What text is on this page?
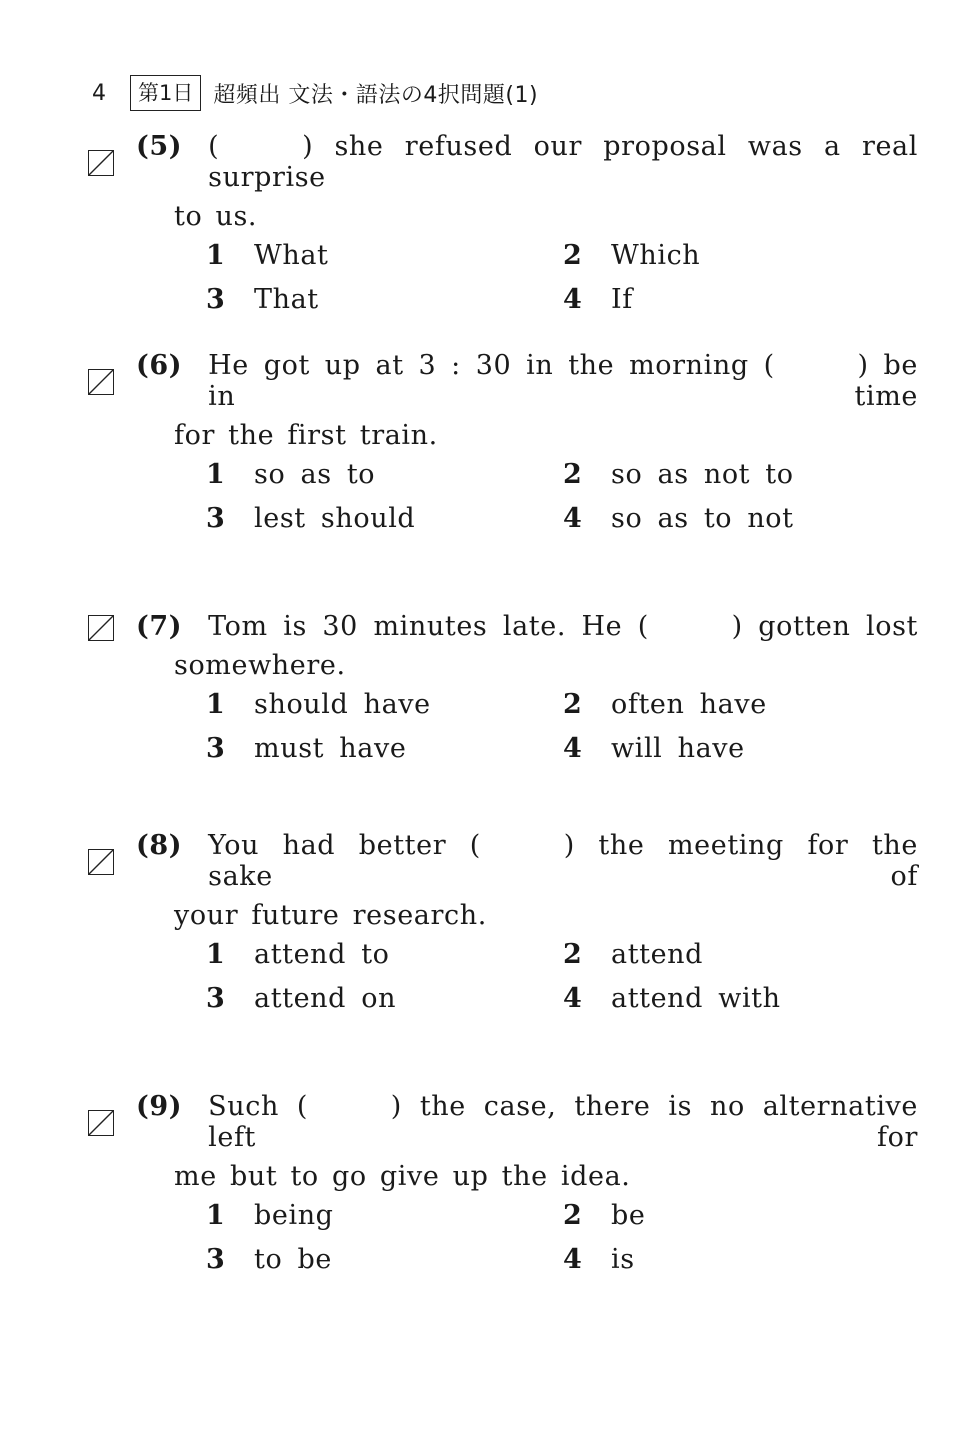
4	第1日 超頻出 文法・語法の4択問題(1)
(5) (   ) she refused our proposal was a real surprise
to us.
1	What	2	Which
3	That	4	If
(6) He got up at 3 : 30 in the morning (   ) be in time
for the first train.
1	so as to	2	so as not to
3	lest should	4	so as to not
(7) Tom is 30 minutes late. He (   ) gotten lost
somewhere.
1	should have	2	often have
3	must have	4	will have
(8) You had better (   ) the meeting for the sake of
your future research.
1	attend to	2	attend
3	attend on	4	attend with
(9) Such (   ) the case, there is no alternative left for
me but to go give up the idea.
1	being	2	be
3	to be	4	is
